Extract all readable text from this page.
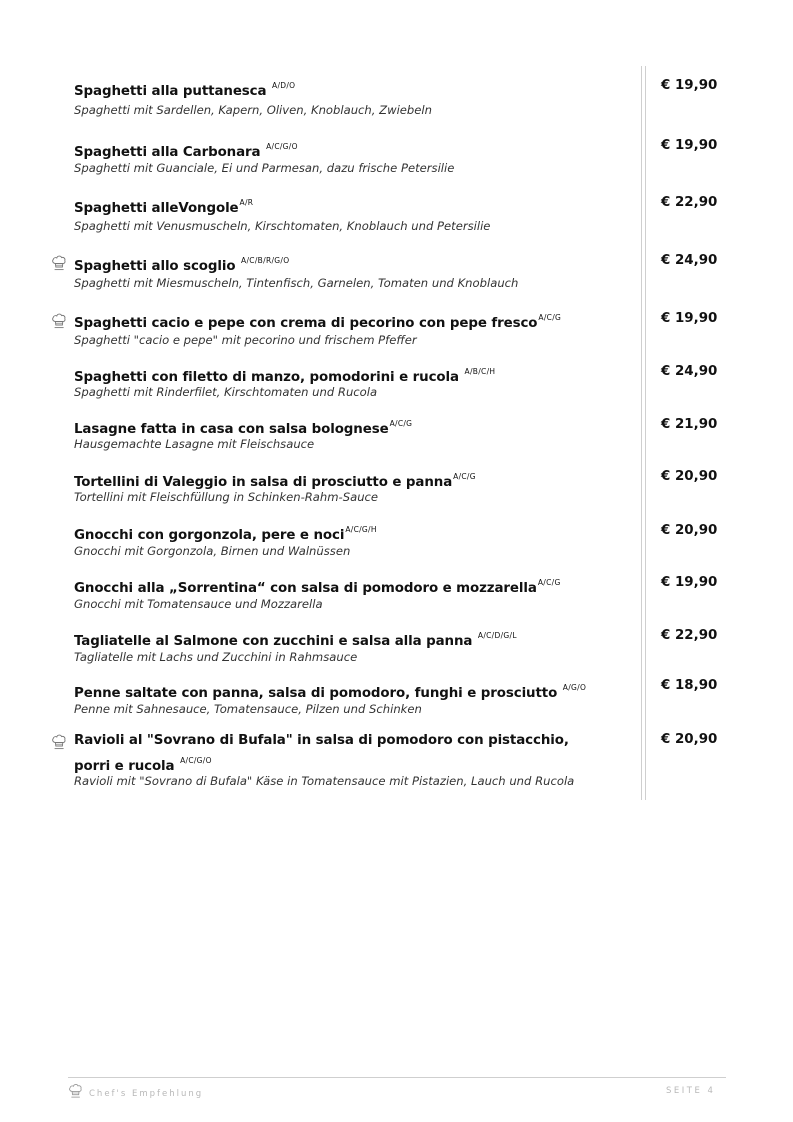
Spaghetti alla puttanesca $^{A/D/O}$
Spaghetti mit Sardellen, Kapern, Oliven, Knoblauch, Zwiebeln
€ 19,90
Spaghetti alla Carbonara $^{A/C/G/O}$
Spaghetti mit Guanciale, Ei und Parmesan, dazu frische Petersilie
€ 19,90
Spaghetti alleVongole$^{A/R}$
Spaghetti mit Venusmuscheln, Kirschtomaten, Knoblauch und Petersilie
€ 22,90
Spaghetti allo scoglio $^{A/C/B/R/G/O}$
Spaghetti mit Miesmuscheln, Tintenfisch, Garnelen, Tomaten und Knoblauch
€ 24,90
Spaghetti cacio e pepe con crema di pecorino con pepe fresco$^{A/C/G}$
Spaghetti "cacio e pepe" mit pecorino und frischem Pfeffer
€ 19,90
Spaghetti con filetto di manzo, pomodorini e rucola $^{A/B/C/H}$
Spaghetti mit Rinderfilet, Kirschtomaten und Rucola
€ 24,90
Lasagne fatta in casa con salsa bolognese$^{A/C/G}$
Hausgemachte Lasagne mit Fleischsauce
€ 21,90
Tortellini di Valeggio in salsa di prosciutto e panna$^{A/C/G}$
Tortellini mit Fleischfüllung in Schinken-Rahm-Sauce
€ 20,90
Gnocchi con gorgonzola, pere e noci$^{A/C/G/H}$
Gnocchi mit Gorgonzola, Birnen und Walnüssen
€ 20,90
Gnocchi alla „Sorrentina“ con salsa di pomodoro e mozzarella$^{A/C/G}$
Gnocchi mit Tomatensauce und Mozzarella
€ 19,90
Tagliatelle al Salmone con zucchini e salsa alla panna $^{A/C/D/G/L}$
Tagliatelle mit Lachs und Zucchini in Rahmsauce
€ 22,90
Penne saltate con panna, salsa di pomodoro, funghi e prosciutto $^{A/G/O}$
Penne mit Sahnesauce, Tomatensauce, Pilzen und Schinken
€ 18,90
Ravioli al "Sovrano di Bufala" in salsa di pomodoro con pistacchio,
porri e rucola $^{A/C/G/O}$
Ravioli mit "Sovrano di Bufala" Käse in Tomatensauce mit Pistazien, Lauch und Rucola
€ 20,90
Chef's Empfehlung	SEITE 4
